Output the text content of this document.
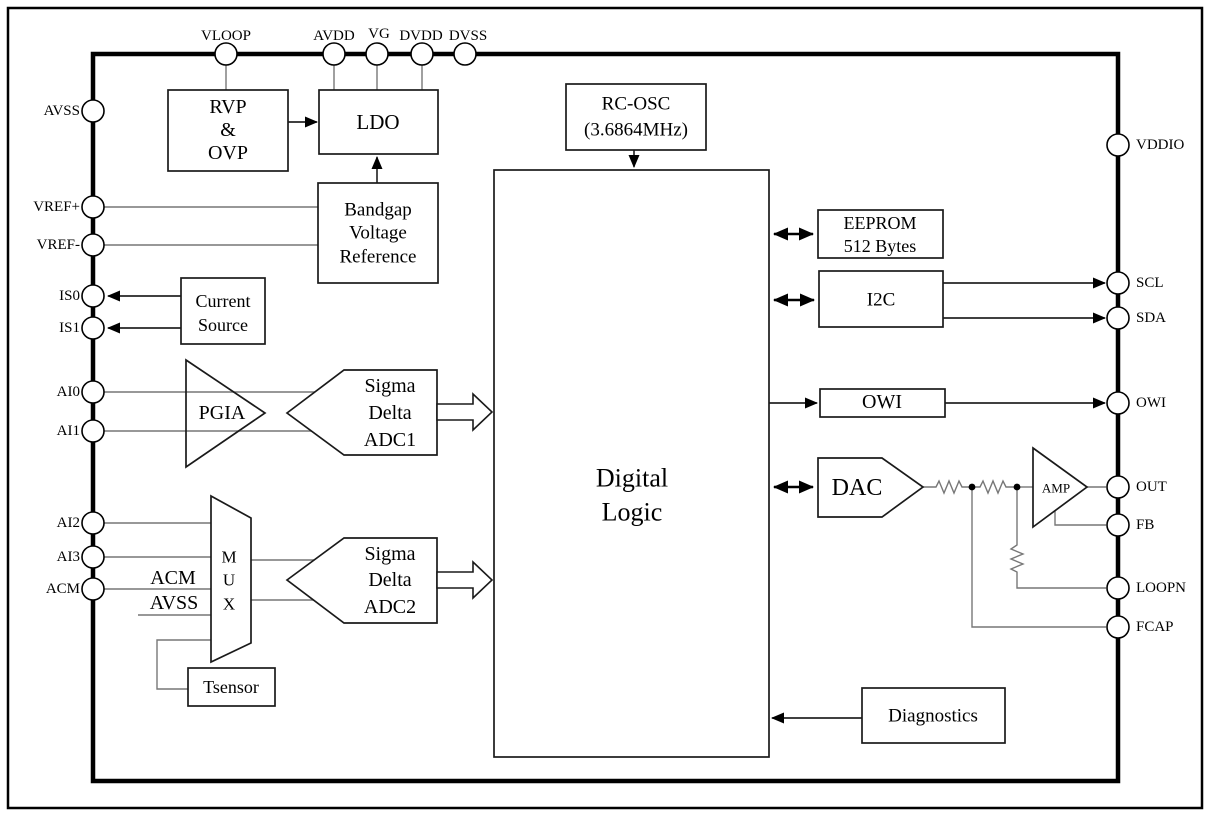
VLOOP	AVDD VG DVDD DVSS
AVSS
VREF+
VREF-
IS0
IS1
AI0
AI1
AI2
AI3
ACM
VDDIO
SCL
SDA
OWI
OUT
FB
LOOPN
FCAP
RVP
&
OVP
LDO
Bandgap
Voltage
Reference
RC-OSC
(3.6864MHz)
Current
Source
PGIA
Sigma
Delta
ADC1
M
U
X
ACM
AVSS
Sigma
Delta
ADC2
Tsensor
Digital
Logic
EEPROM
512 Bytes
I2C
OWI
DAC	AMP
Diagnostics
